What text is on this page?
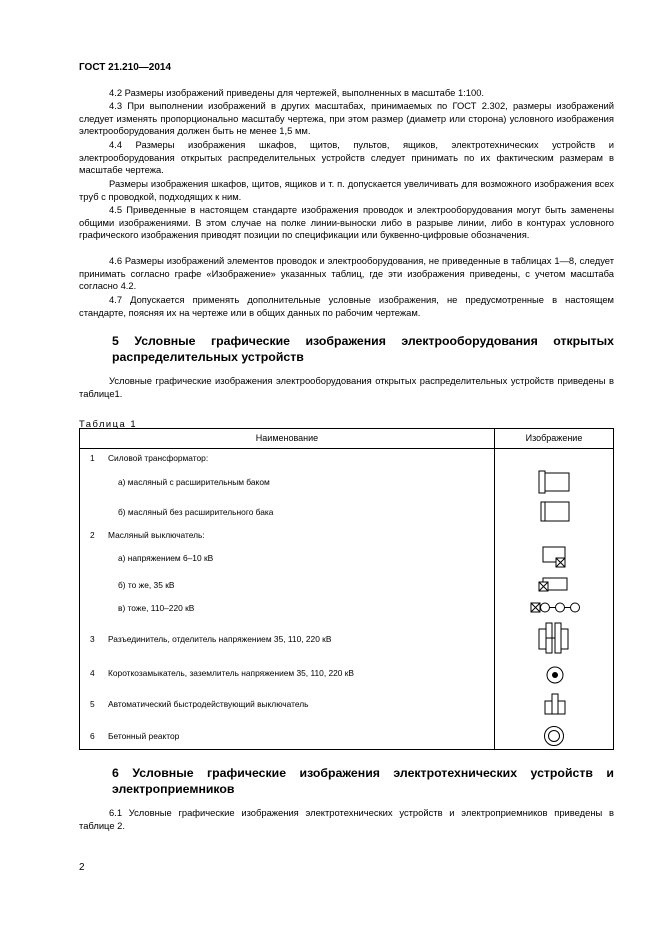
ГОСТ 21.210—2014

4.2 Размеры изображений приведены для чертежей, выполненных в масштабе 1:100.

4.3 При выполнении изображений в других масштабах, принимаемых по ГОСТ 2.302, размеры изображений следует изменять пропорционально масштабу чертежа, при этом размер (диаметр или сторона) условного изображения электрооборудования должен быть не менее 1,5 мм.

4.4 Размеры изображения шкафов, щитов, пультов, ящиков, электротехнических устройств и электрооборудования открытых распределительных устройств следует принимать по их фактическим размерам в масштабе чертежа.

Размеры изображения шкафов, щитов, ящиков и т. п. допускается увеличивать для возможного изображения всех труб с проводкой, подходящих к ним.

4.5 Приведенные в настоящем стандарте изображения проводок и электрооборудования могут быть заменены общими изображениями. В этом случае на полке линии-выноски либо в разрыве линии, либо в контурах условного графического изображения приводят позиции по спецификации или буквенно-цифровые обозначения.

4.6 Размеры изображений элементов проводок и электрооборудования, не приведенные в таблицах 1—8, следует принимать согласно графе «Изображение» указанных таблиц, где эти изображения приведены, с учетом масштаба согласно 4.2.

4.7 Допускается применять дополнительные условные изображения, не предусмотренные в настоящем стандарте, поясняя их на чертеже или в общих данных по рабочим чертежам.

5 Условные графические изображения электрооборудования открытых распределительных устройств

Условные графические изображения электрооборудования открытых распределительных устройств приведены в таблице1.

Таблица 1
Наименование	Изображение
1 Силовой трансформатор:
а) масляный с расширительным баком
б) масляный без расширительного бака
2 Масляный выключатель:
а) напряжением 6–10 кВ
б) то же, 35 кВ
в) тоже, 110–220 кВ
3 Разъединитель, отделитель напряжением 35, 110, 220 кВ
4 Короткозамыкатель, заземлитель напряжением 35, 110, 220 кВ
5 Автоматический быстродействующий выключатель
6 Бетонный реактор

6 Условные графические изображения электротехнических устройств и электроприемников

6.1 Условные графические изображения электротехнических устройств и электроприемников приведены в таблице 2.

2
